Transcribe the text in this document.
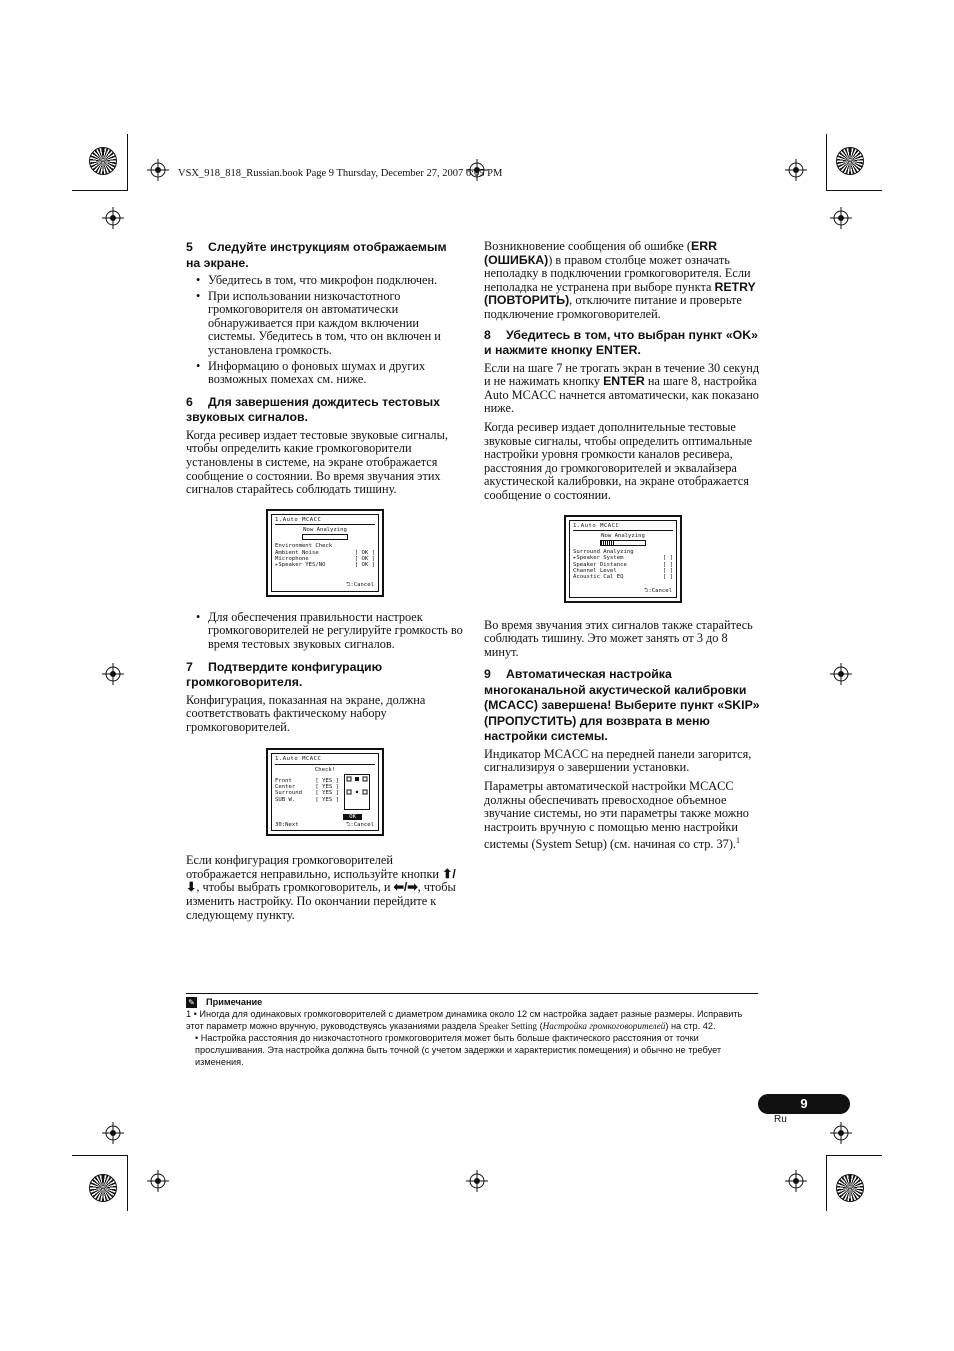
VSX_918_818_Russian.book Page 9 Thursday, December 27, 2007 6:05 PM
5 Следуйте инструкциям отображаемым на экране.
• Убедитесь в том, что микрофон подключен.
• При использовании низкочастотного громкоговорителя он автоматически обнаруживается при каждом включении системы. Убедитесь в том, что он включен и установлена громкость.
• Информацию о фоновых шумах и других возможных помехах см. ниже.
6 Для завершения дождитесь тестовых звуковых сигналов.

Когда ресивер издает тестовые звуковые сигналы, чтобы определить какие громкоговорители установлены в системе, на экране отображается сообщение о состоянии. Во время звучания этих сигналов старайтесь соблюдать тишину.

1.Auto MCACC
Now Analyzing
Environment Check
Ambient Noise	[ OK ]
Microphone	[ OK ]
▸Speaker YES/NO	[ OK ]
⮌:Cancel
• Для обеспечения правильности настроек громкоговорителей не регулируйте громкость во время тестовых звуковых сигналов.
7 Подтвердите конфигурацию громкоговорителя.

Конфигурация, показанная на экране, должна соответствовать фактическому набору громкоговорителей.

1.Auto MCACC
Check!
Front	[ YES ]
Center	[ YES ]
Surround [ YES ]
SUB W.	[ YES ]
OK
30:Next	⮌:Cancel

Если конфигурация громкоговорителей отображается неправильно, используйте кнопки ⬆/⬇, чтобы выбрать громкоговоритель, и ⬅/➡, чтобы изменить настройку. По окончании перейдите к следующему пункту.

Возникновение сообщения об ошибке (ERR (ОШИБКА)) в правом столбце может означать неполадку в подключении громкоговорителя. Если неполадка не устранена при выборе пункта RETRY (ПОВТОРИТЬ), отключите питание и проверьте подключение громкоговорителей.

8 Убедитесь в том, что выбран пункт «OK» и нажмите кнопку ENTER.

Если на шаге 7 не трогать экран в течение 30 секунд и не нажимать кнопку ENTER на шаге 8, настройка Auto MCACC начнется автоматически, как показано ниже.

Когда ресивер издает дополнительные тестовые звуковые сигналы, чтобы определить оптимальные настройки уровня громкости каналов ресивера, расстояния до громкоговорителей и эквалайзера акустической калибровки, на экране отображается сообщение о состоянии.

1.Auto MCACC
Now Analyzing
Surround Analyzing
▸Speaker System	[ ]
Speaker Distance	[ ]
Channel Level	[ ]
Acoustic Cal EQ	[ ]
⮌:Cancel

Во время звучания этих сигналов также старайтесь соблюдать тишину. Это может занять от 3 до 8 минут.

9 Автоматическая настройка многоканальной акустической калибровки (MCACC) завершена! Выберите пункт «SKIP» (ПРОПУСТИТЬ) для возврата в меню настройки системы.

Индикатор MCACC на передней панели загорится, сигнализируя о завершении установки.

Параметры автоматической настройки MCACC должны обеспечивать превосходное объемное звучание системы, но эти параметры также можно настроить вручную с помощью меню настройки системы (System Setup) (см. начиная со стр. 37).$^1$

✎ Примечание
1 • Иногда для одинаковых громкоговорителей с диаметром динамика около 12 см настройка задает разные размеры. Исправить этот параметр можно вручную, руководствуясь указаниями раздела Speaker Setting (Настройка громкоговорителей) на стр. 42.
• Настройка расстояния до низкочастотного громкоговорителя может быть больше фактического расстояния от точки прослушивания. Эта настройка должна быть точной (с учетом задержки и характеристик помещения) и обычно не требует изменения.
9
Ru
